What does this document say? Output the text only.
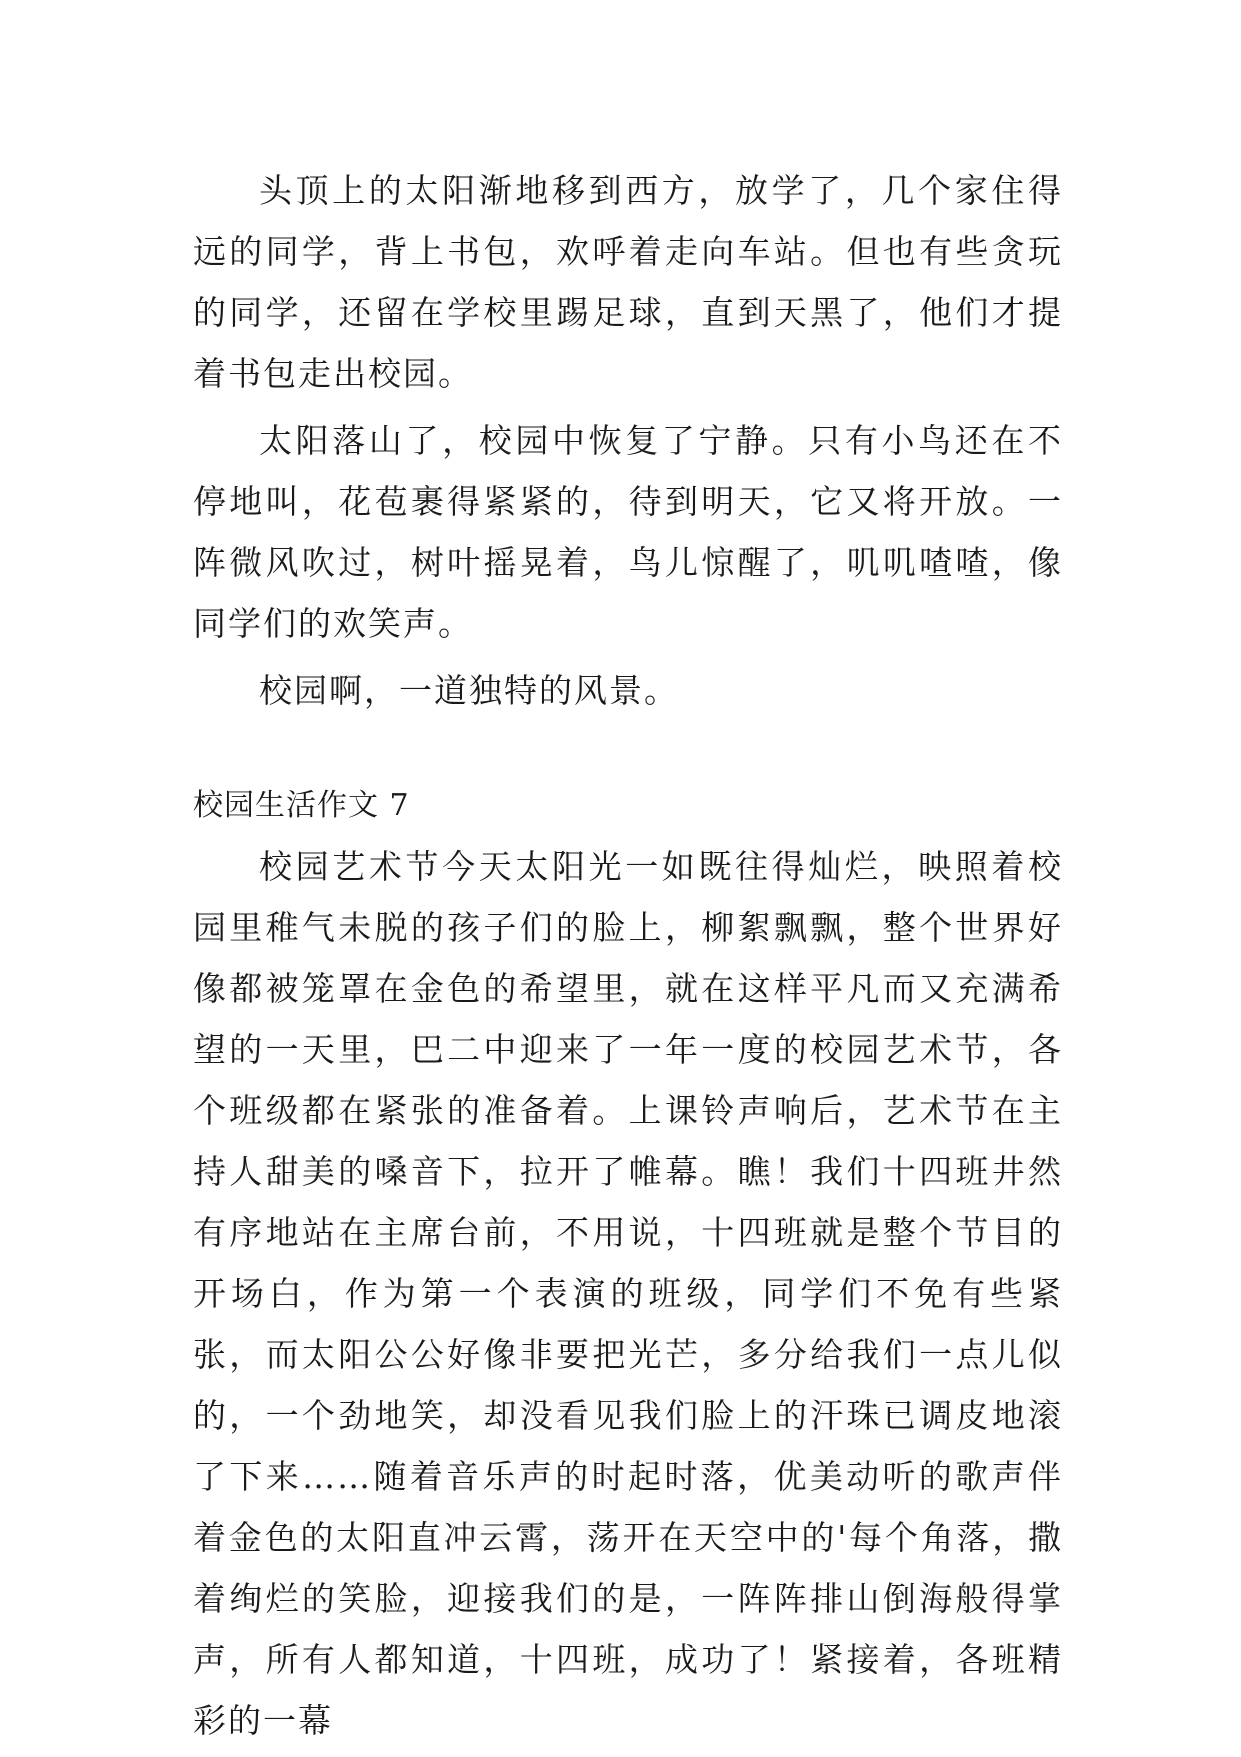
头顶上的太阳渐地移到西方，放学了，几个家住得远的同学，背上书包，欢呼着走向车站。但也有些贪玩的同学，还留在学校里踢足球，直到天黑了，他们才提着书包走出校园。

太阳落山了，校园中恢复了宁静。只有小鸟还在不停地叫，花苞裹得紧紧的，待到明天，它又将开放。一阵微风吹过，树叶摇晃着，鸟儿惊醒了，叽叽喳喳，像同学们的欢笑声。

校园啊，一道独特的风景。

校园生活作文 7

校园艺术节今天太阳光一如既往得灿烂，映照着校园里稚气未脱的孩子们的脸上，柳絮飘飘，整个世界好像都被笼罩在金色的希望里，就在这样平凡而又充满希望的一天里，巴二中迎来了一年一度的校园艺术节，各个班级都在紧张的准备着。上课铃声响后，艺术节在主持人甜美的嗓音下，拉开了帷幕。瞧！我们十四班井然有序地站在主席台前，不用说，十四班就是整个节目的开场白，作为第一个表演的班级，同学们不免有些紧张，而太阳公公好像非要把光芒，多分给我们一点儿似的，一个劲地笑，却没看见我们脸上的汗珠已调皮地滚了下来……随着音乐声的时起时落，优美动听的歌声伴着金色的太阳直冲云霄，荡开在天空中的'每个角落，撒着绚烂的笑脸，迎接我们的是，一阵阵排山倒海般得掌声，所有人都知道，十四班，成功了！紧接着，各班精彩的一幕
